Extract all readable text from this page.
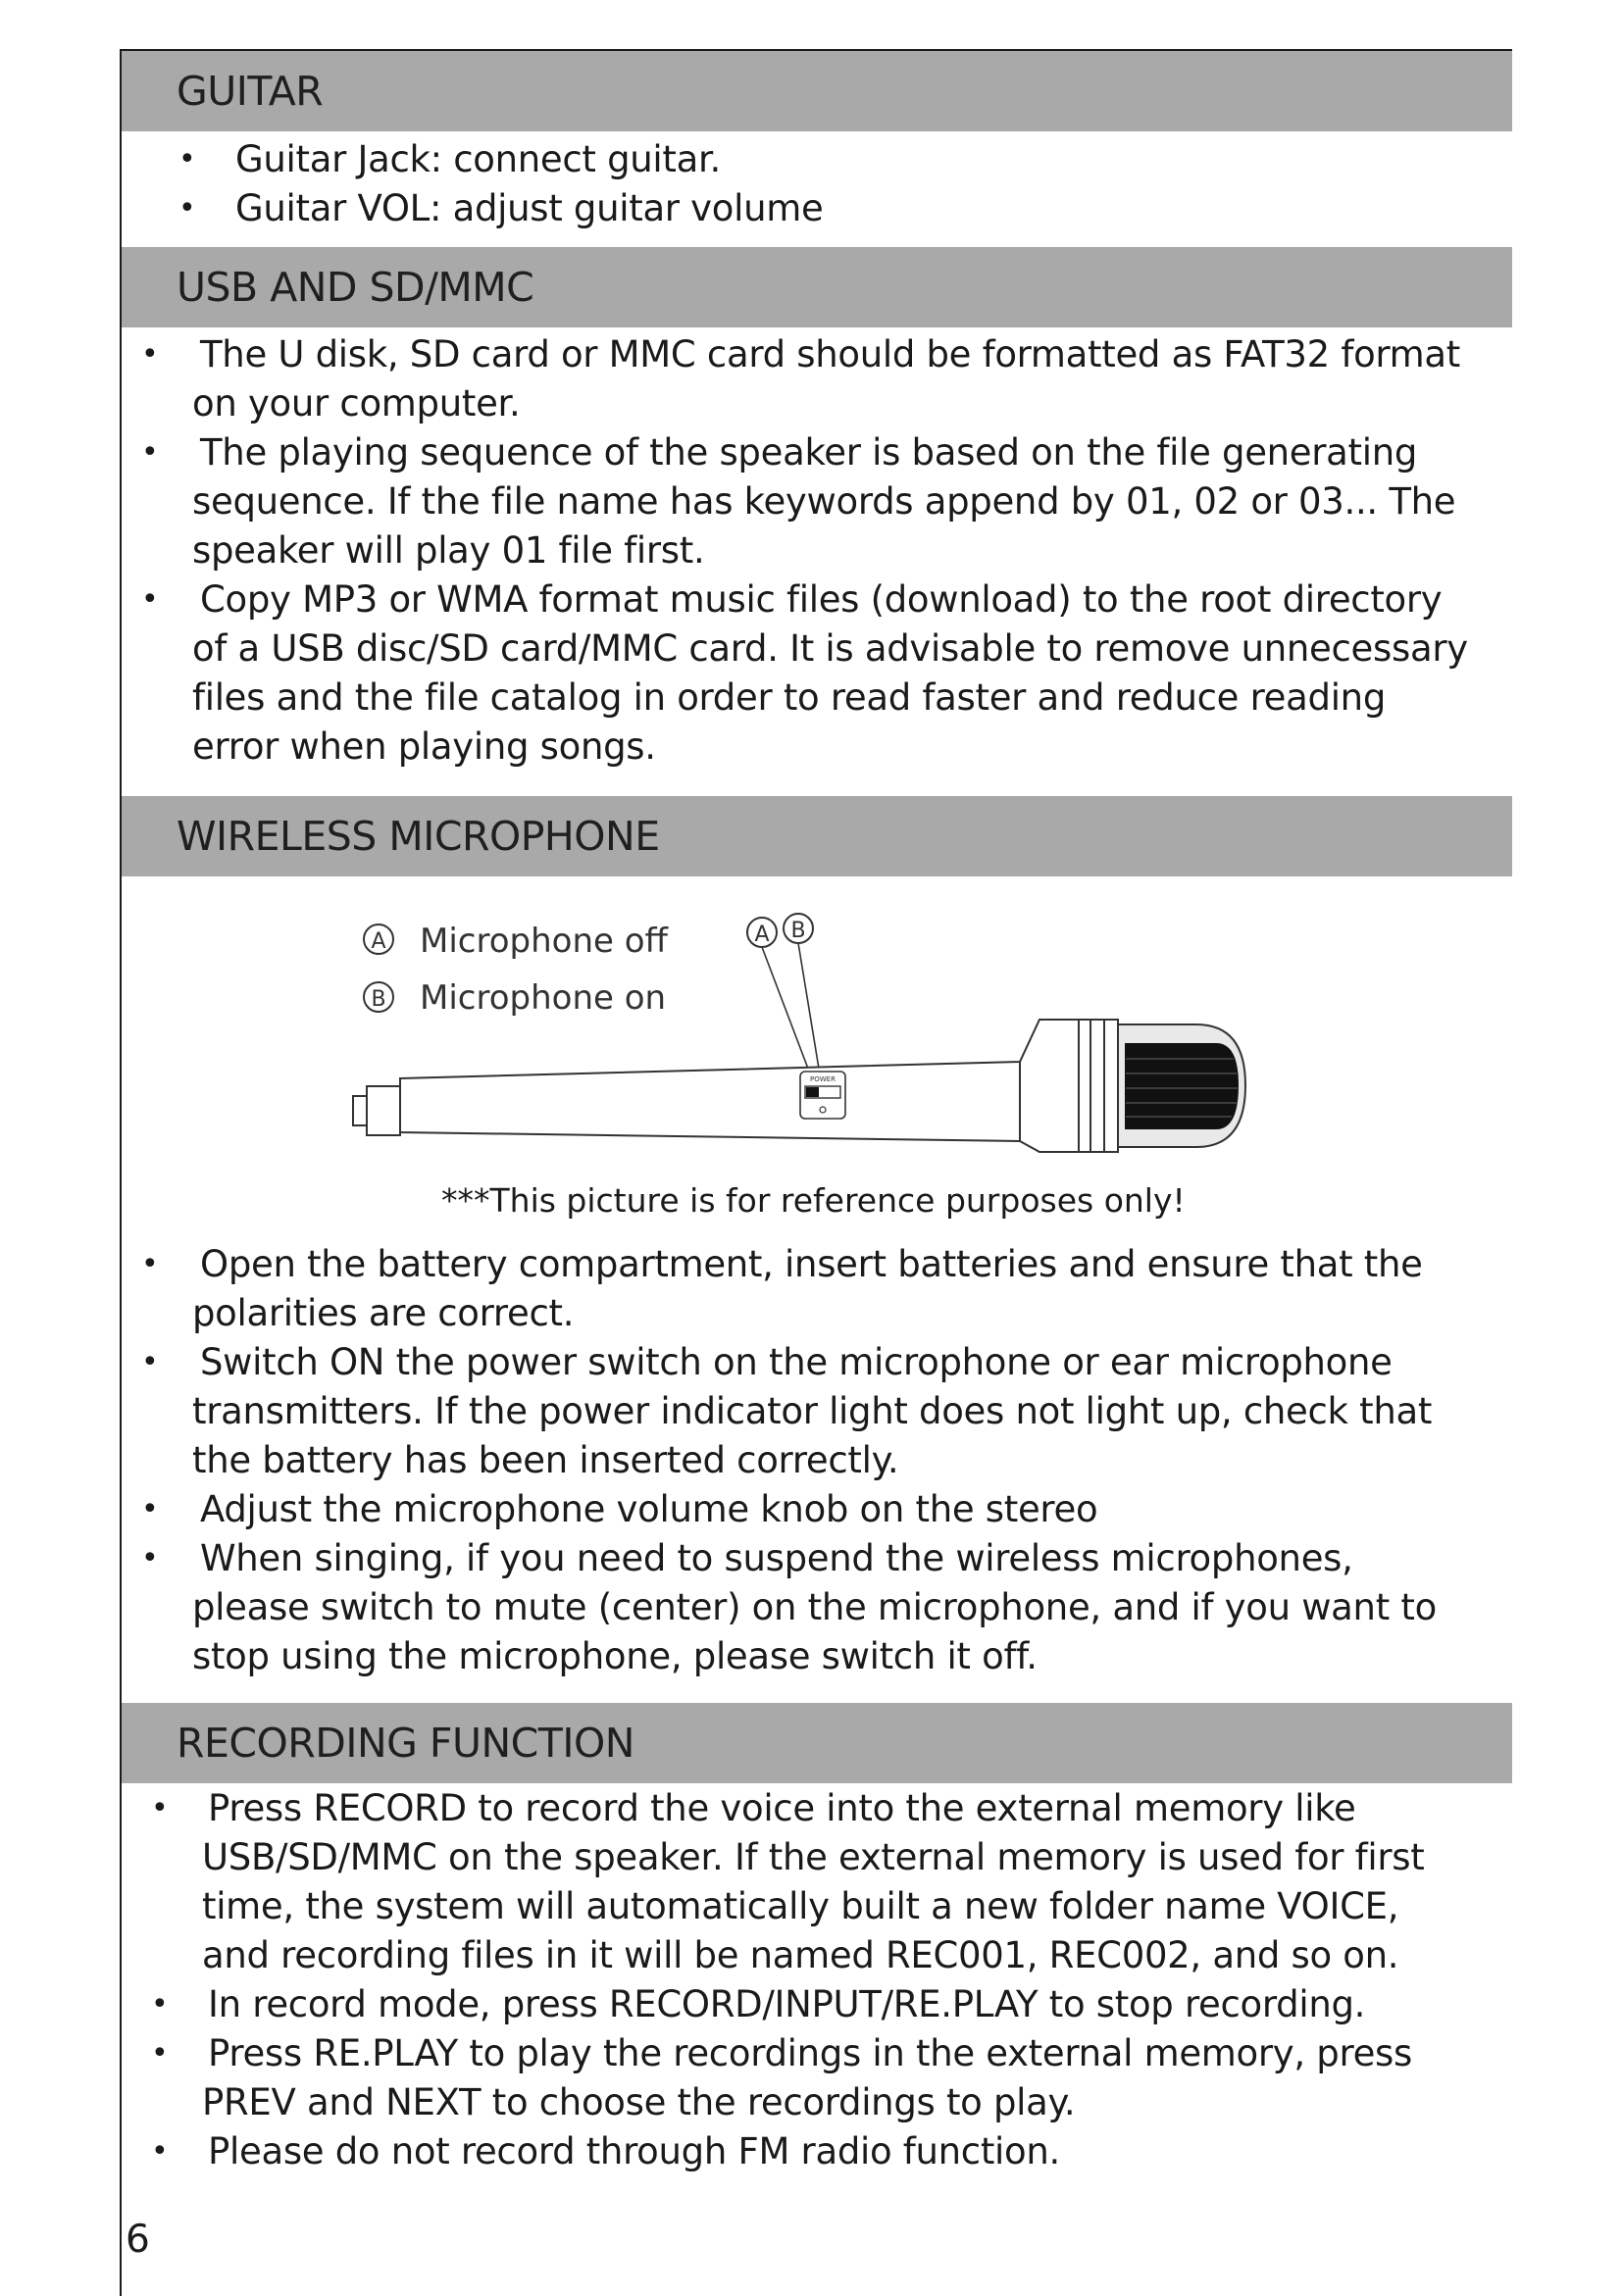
GUITAR
• Guitar Jack: connect guitar.
• Guitar VOL: adjust guitar volume
USB AND SD/MMC
• The U disk, SD card or MMC card should be formatted as FAT32 format on your computer.
• The playing sequence of the speaker is based on the file generating sequence. If the file name has keywords append by 01, 02 or 03... The speaker will play 01 file first.
• Copy MP3 or WMA format music files (download) to the root directory of a USB disc/SD card/MMC card. It is advisable to remove unnecessary files and the file catalog in order to read faster and reduce reading error when playing songs.
WIRELESS MICROPHONE
A Microphone off
B Microphone on
A B
POWER
***This picture is for reference purposes only!
• Open the battery compartment, insert batteries and ensure that the polarities are correct.
• Switch ON the power switch on the microphone or ear microphone transmitters. If the power indicator light does not light up, check that the battery has been inserted correctly.
• Adjust the microphone volume knob on the stereo
• When singing, if you need to suspend the wireless microphones, please switch to mute (center) on the microphone, and if you want to stop using the microphone, please switch it off.
RECORDING FUNCTION
• Press RECORD to record the voice into the external memory like USB/SD/MMC on the speaker. If the external memory is used for first time, the system will automatically built a new folder name VOICE, and recording files in it will be named REC001, REC002, and so on.
• In record mode, press RECORD/INPUT/RE.PLAY to stop recording.
• Press RE.PLAY to play the recordings in the external memory, press PREV and NEXT to choose the recordings to play.
• Please do not record through FM radio function.
6
